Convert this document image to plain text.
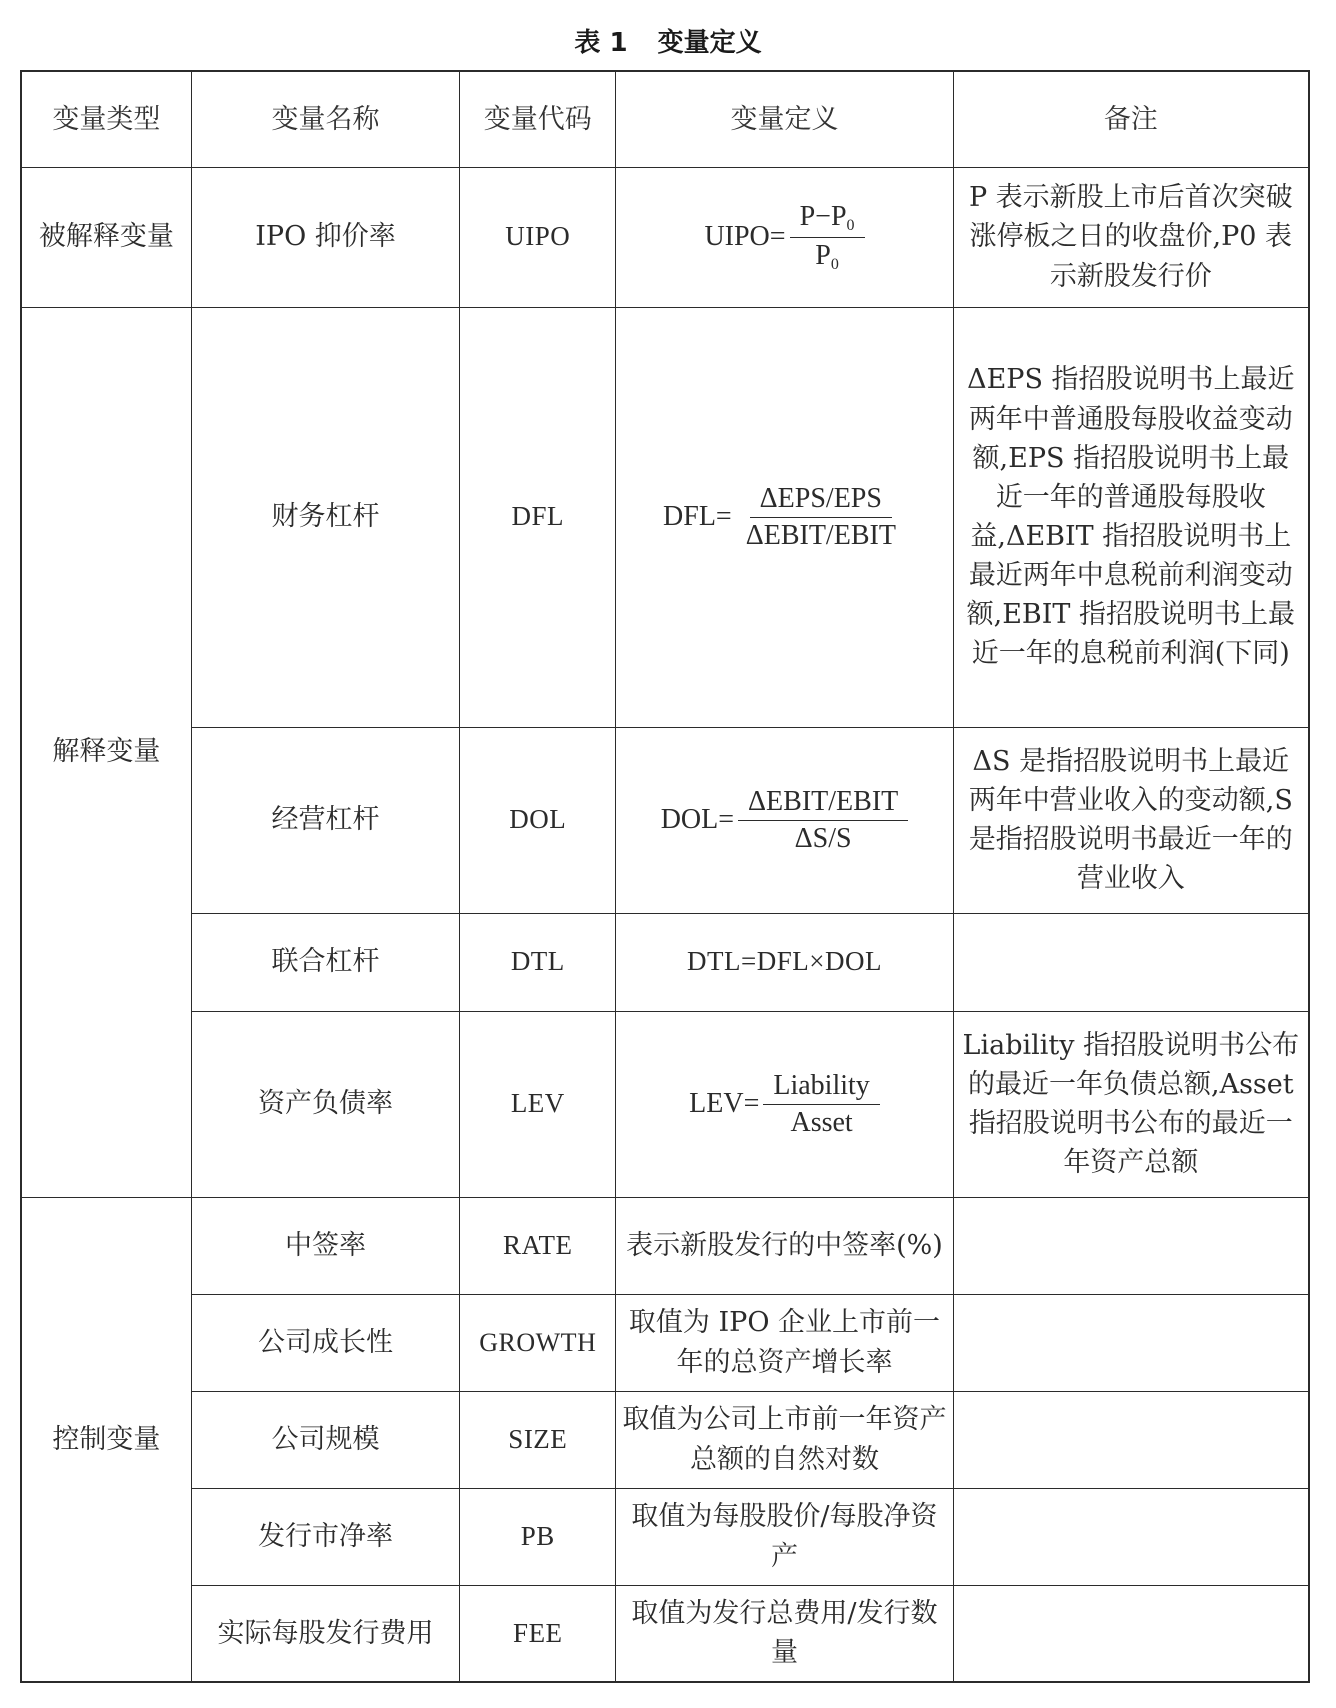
表 1 变量定义
变量类型	变量名称	变量代码	变量定义	备注
被解释变量	IPO 抑价率	UIPO	UIPO= $\frac{P-P_0}{P_0}$	P 表示新股上市后首次突破涨停板之日的收盘价,P0 表示新股发行价
解释变量	财务杠杆	DFL	$DFL= \frac{\text{ΔEPS/EPS}}{\text{ΔEBIT/EBIT}}$	ΔEPS 指招股说明书上最近两年中普通股每股收益变动额,EPS 指招股说明书上最近一年的普通股每股收益,ΔEBIT 指招股说明书上最近两年中息税前利润变动额,EBIT 指招股说明书上最近一年的息税前利润(下同)
	经营杠杆	DOL	$DOL= \frac{\text{ΔEBIT/EBIT}}{\Delta S/S}$	ΔS 是指招股说明书上最近两年中营业收入的变动额,S 是指招股说明书最近一年的营业收入
	联合杠杆	DTL	DTL=DFL×DOL	
	资产负债率	LEV	$LEV= \frac{\text{Liability}}{\text{Asset}}$	Liability 指招股说明书公布的最近一年负债总额,Asset 指招股说明书公布的最近一年资产总额
控制变量	中签率	RATE	表示新股发行的中签率(%)	
	公司成长性	GROWTH	取值为 IPO 企业上市前一年的总资产增长率	
	公司规模	SIZE	取值为公司上市前一年资产总额的自然对数	
	发行市净率	PB	取值为每股股价/每股净资产	
	实际每股发行费用	FEE	取值为发行总费用/发行数量	
